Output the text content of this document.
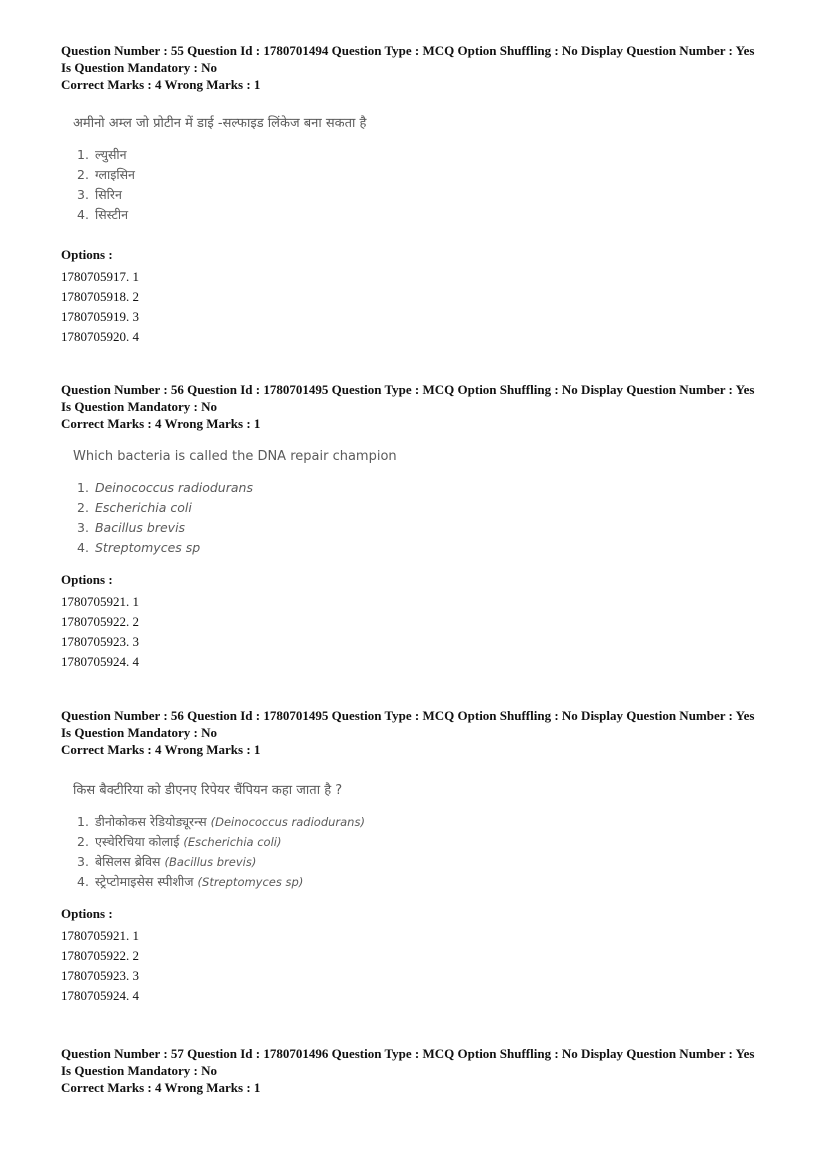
Question Number : 55 Question Id : 1780701494 Question Type : MCQ Option Shuffling : No Display Question Number : Yes

Is Question Mandatory : No

Correct Marks : 4 Wrong Marks : 1

अमीनो अम्ल जो प्रोटीन में डाई -सल्फाइड लिंकेज बना सकता है

1. ल्युसीन
2. ग्लाइसिन
3. सिरिन
4. सिस्टीन

Options :

1780705917. 1
1780705918. 2
1780705919. 3
1780705920. 4

Question Number : 56 Question Id : 1780701495 Question Type : MCQ Option Shuffling : No Display Question Number : Yes

Is Question Mandatory : No

Correct Marks : 4 Wrong Marks : 1

Which bacteria is called the DNA repair champion

1. Deinococcus radiodurans
2. Escherichia coli
3. Bacillus brevis
4. Streptomyces sp

Options :

1780705921. 1
1780705922. 2
1780705923. 3
1780705924. 4

Question Number : 56 Question Id : 1780701495 Question Type : MCQ Option Shuffling : No Display Question Number : Yes

Is Question Mandatory : No

Correct Marks : 4 Wrong Marks : 1

किस बैक्टीरिया को डीएनए रिपेयर चैंपियन कहा जाता है ?

1. डीनोकोकस रेडियोड्यूरन्स (Deinococcus radiodurans)
2. एस्चेरिचिया कोलाई (Escherichia coli)
3. बेसिलस ब्रेविस (Bacillus brevis)
4. स्ट्रेप्टोमाइसेस स्पीशीज (Streptomyces sp)

Options :

1780705921. 1
1780705922. 2
1780705923. 3
1780705924. 4

Question Number : 57 Question Id : 1780701496 Question Type : MCQ Option Shuffling : No Display Question Number : Yes

Is Question Mandatory : No

Correct Marks : 4 Wrong Marks : 1
